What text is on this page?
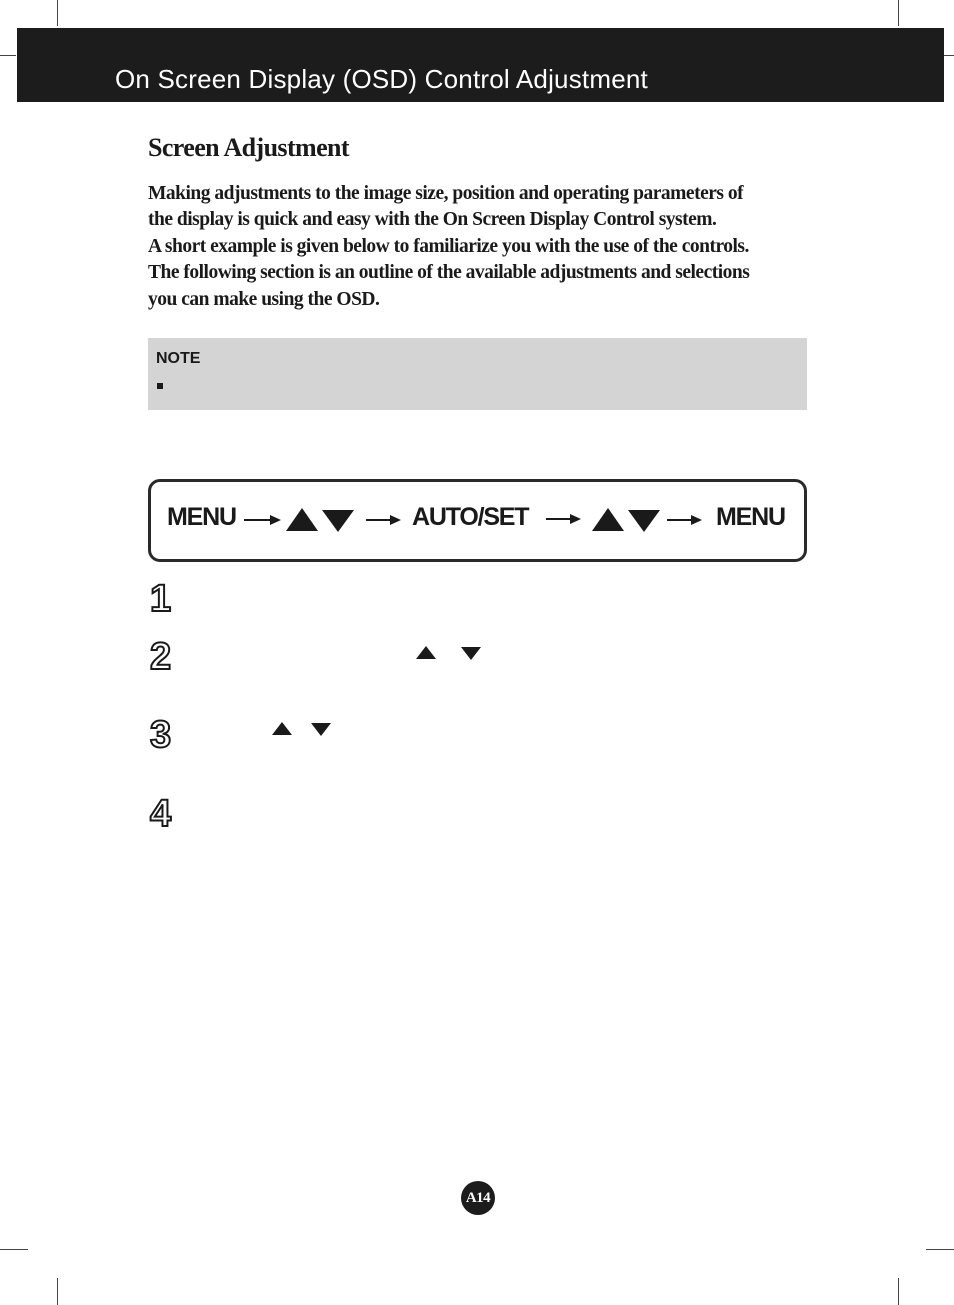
On Screen Display (OSD) Control Adjustment
Screen Adjustment
Making adjustments to the image size, position and operating parameters of
the display is quick and easy with the On Screen Display Control system.
A short example is given below to familiarize you with the use of the controls.
The following section is an outline of the available adjustments and selections
you can make using the OSD.
NOTE
MENU	AUTO/SET	MENU
1
2
3
4
A14
